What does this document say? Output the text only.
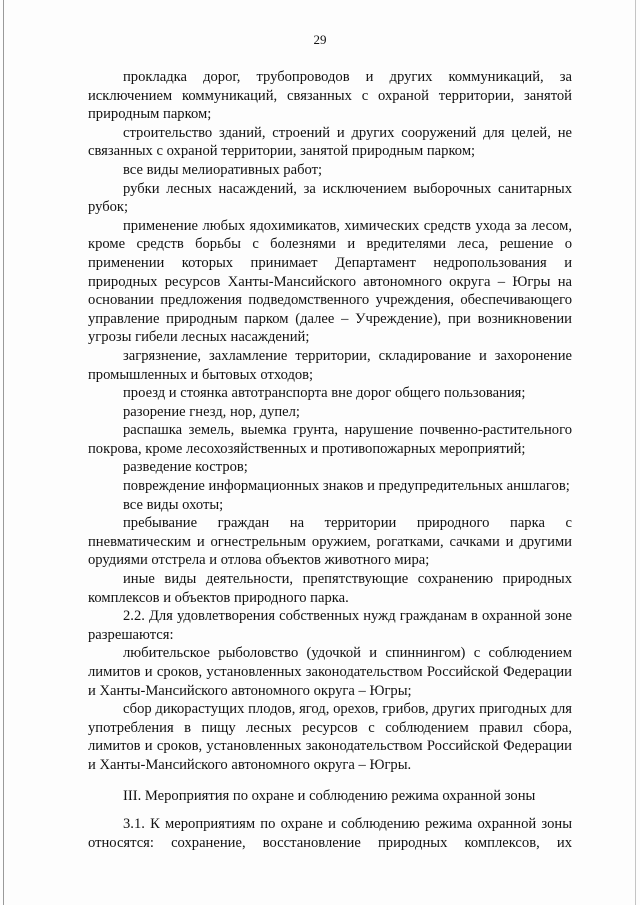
29

прокладка дорог, трубопроводов и других коммуникаций, за исключением коммуникаций, связанных с охраной территории, занятой природным парком;

строительство зданий, строений и других сооружений для целей, не связанных с охраной территории, занятой природным парком;

все виды мелиоративных работ;

рубки лесных насаждений, за исключением выборочных санитарных рубок;

применение любых ядохимикатов, химических средств ухода за лесом, кроме средств борьбы с болезнями и вредителями леса, решение о применении которых принимает Департамент недропользования и природных ресурсов Ханты-Мансийского автономного округа – Югры на основании предложения подведомственного учреждения, обеспечивающего управление природным парком (далее – Учреждение), при возникновении угрозы гибели лесных насаждений;

загрязнение, захламление территории, складирование и захоронение промышленных и бытовых отходов;

проезд и стоянка автотранспорта вне дорог общего пользования;

разорение гнезд, нор, дупел;

распашка земель, выемка грунта, нарушение почвенно-растительного покрова, кроме лесохозяйственных и противопожарных мероприятий;

разведение костров;

повреждение информационных знаков и предупредительных аншлагов;

все виды охоты;

пребывание граждан на территории природного парка с пневматическим и огнестрельным оружием, рогатками, сачками и другими орудиями отстрела и отлова объектов животного мира;

иные виды деятельности, препятствующие сохранению природных комплексов и объектов природного парка.

2.2. Для удовлетворения собственных нужд гражданам в охранной зоне разрешаются:

любительское рыболовство (удочкой и спиннингом) с соблюдением лимитов и сроков, установленных законодательством Российской Федерации и Ханты-Мансийского автономного округа – Югры;

сбор дикорастущих плодов, ягод, орехов, грибов, других пригодных для употребления в пищу лесных ресурсов с соблюдением правил сбора, лимитов и сроков, установленных законодательством Российской Федерации и Ханты-Мансийского автономного округа – Югры.

III. Мероприятия по охране и соблюдению режима охранной зоны

3.1. К мероприятиям по охране и соблюдению режима охранной зоны относятся: сохранение, восстановление природных комплексов, их
